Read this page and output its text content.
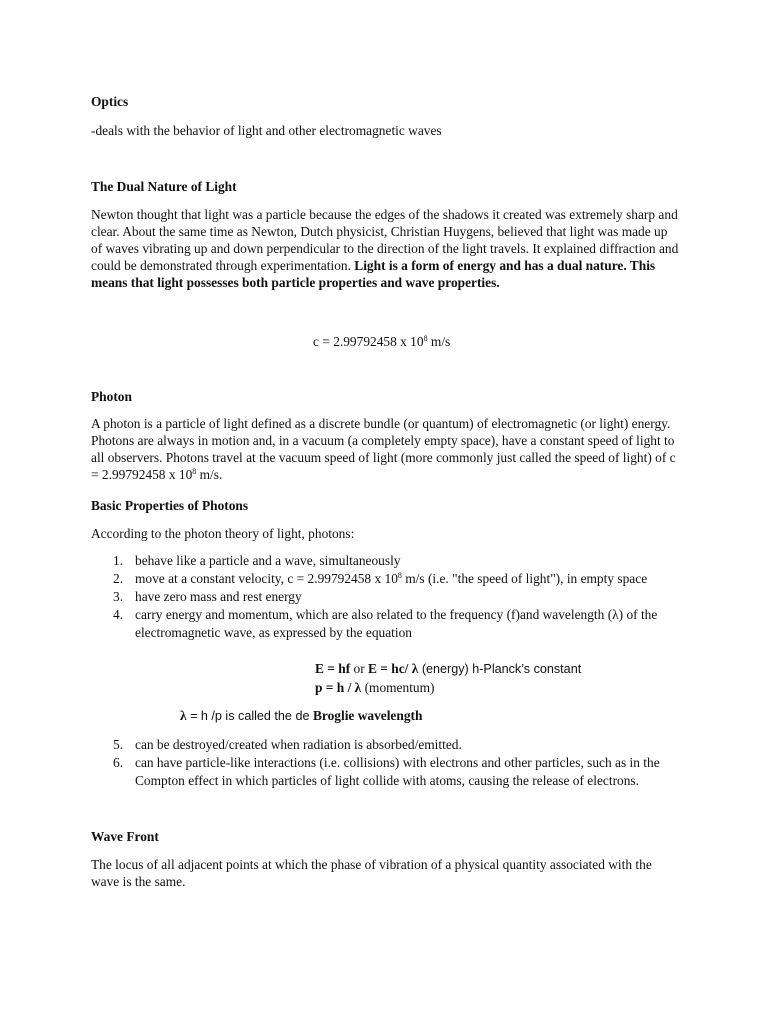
Optics

-deals with the behavior of light and other electromagnetic waves

The Dual Nature of Light

Newton thought that light was a particle because the edges of the shadows it created was extremely sharp and clear. About the same time as Newton, Dutch physicist, Christian Huygens, believed that light was made up of waves vibrating up and down perpendicular to the direction of the light travels. It explained diffraction and could be demonstrated through experimentation. Light is a form of energy and has a dual nature. This means that light possesses both particle properties and wave properties.

c = 2.99792458 x $10^8$ m/s

Photon

A photon is a particle of light defined as a discrete bundle (or quantum) of electromagnetic (or light) energy. Photons are always in motion and, in a vacuum (a completely empty space), have a constant speed of light to all observers. Photons travel at the vacuum speed of light (more commonly just called the speed of light) of c = 2.99792458 x $10^8$ m/s.

Basic Properties of Photons

According to the photon theory of light, photons:

1. behave like a particle and a wave, simultaneously
2. move at a constant velocity, c = 2.99792458 x $10^8$ m/s (i.e. "the speed of light"), in empty space
3. have zero mass and rest energy
4. carry energy and momentum, which are also related to the frequency (f)and wavelength (λ) of the electromagnetic wave, as expressed by the equation

E = hf or E = hc/ λ (energy) h-Planck’s constant

p = h / λ (momentum)

λ = h /p is called the de Broglie wavelength

5. can be destroyed/created when radiation is absorbed/emitted.
6. can have particle-like interactions (i.e. collisions) with electrons and other particles, such as in the Compton effect in which particles of light collide with atoms, causing the release of electrons.

Wave Front

The locus of all adjacent points at which the phase of vibration of a physical quantity associated with the wave is the same.
